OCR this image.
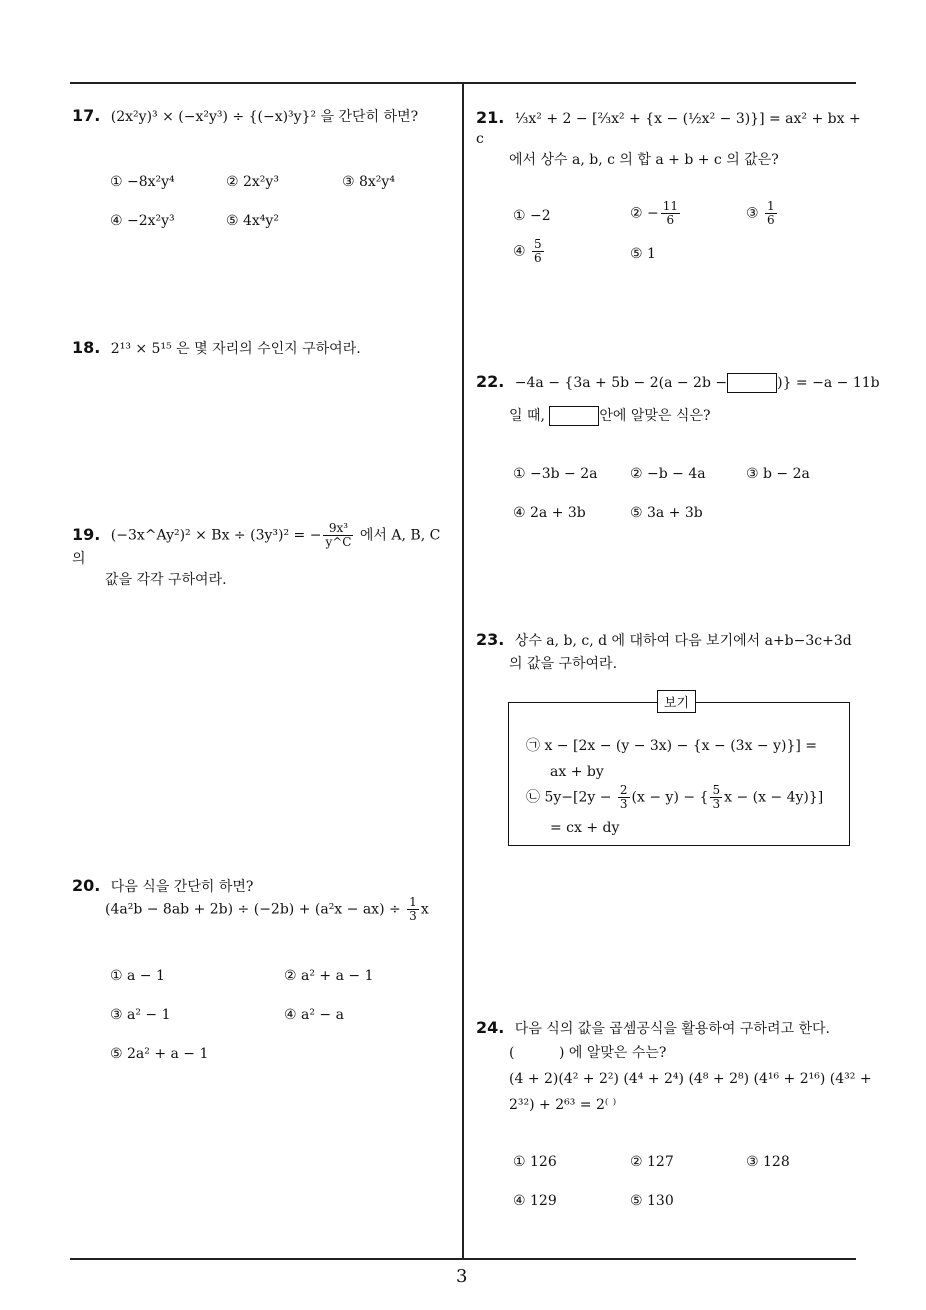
17. (2x²y)³ × (−x²y³) ÷ {(−x)³y}² 을 간단히 하면?
① −8x²y⁴	② 2x²y³	③ 8x²y⁴
④ −2x²y³	⑤ 4x⁴y²
18. 2¹³ × 5¹⁵ 은 몇 자리의 수인지 구하여라.
19. (−3x^Ay²)² × Bx ÷ (3y³)² = − $\frac{\text{9x³}}{y\^{}C}$ 에서 A, B, C 의
값을 각각 구하여라.
20. 다음 식을 간단히 하면?
$(4a^2b - 8ab + 2b) \div (-2b) + (a^2x - ax) \div \frac{1}{3}$ x
① a − 1	② a² + a − 1
③ a² − 1	④ a² − a
⑤ 2a² + a − 1
21. ⅓x² + 2 − [⅔x² + {x − (½x² − 3)}] = ax² + bx + c
에서 상수 a, b, c 의 합 a + b + c 의 값은?
① −2	② − $\frac{11}{6}$	③ $\frac{1}{6}$
④ $\frac{5}{6}$	⑤ 1
22. −4a − {3a + 5b − 2(a − 2b −	)} = −a − 11b
일 때,	안에 알맞은 식은?
① −3b − 2a ② −b − 4a	③ b − 2a
④ 2a + 3b	⑤ 3a + 3b
23. 상수 a, b, c, d 에 대하여 다음 보기에서 a+b−3c+3d
의 값을 구하여라.
보기
㉠ x − [2x − (y − 3x) − {x − (3x − y)}] =
ax + by
㉡ $5y-[2y - \frac{2}{3} (x - y)$ − { $\frac{5}{3}$ x − (x − 4y)}]
= cx + dy
24. 다음 식의 값을 곱셈공식을 활용하여 구하려고 한다.
(          ) 에 알맞은 수는?
(4 + 2)(4² + 2²) (4⁴ + 2⁴) (4⁸ + 2⁸) (4¹⁶ + 2¹⁶) (4³² +
2³²) + 2⁶³ = 2⁽ ⁾
① 126	② 127	③ 128
④ 129	⑤ 130
3
